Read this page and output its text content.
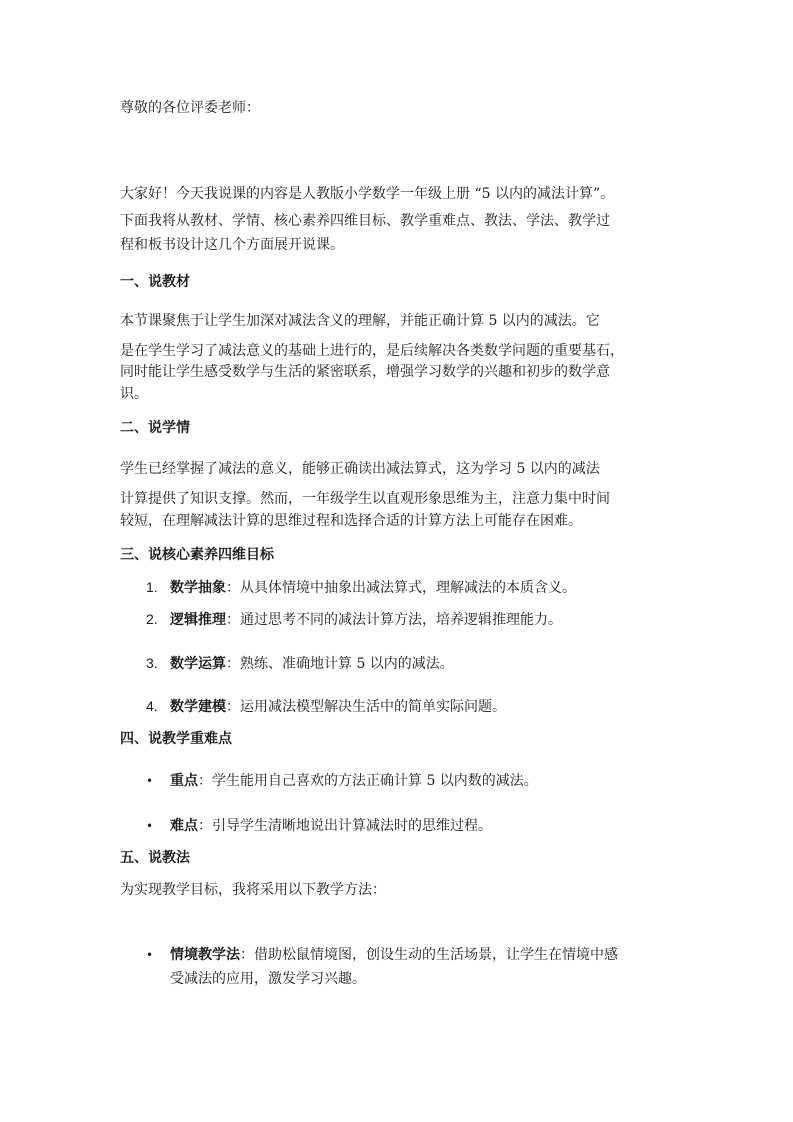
尊敬的各位评委老师：
大家好！今天我说课的内容是人教版小学数学一年级上册 “5 以内的减法计算”。
下面我将从教材、学情、核心素养四维目标、教学重难点、教法、学法、教学过
程和板书设计这几个方面展开说课。
一、说教材
本节课聚焦于让学生加深对减法含义的理解，并能正确计算 5 以内的减法。它
是在学生学习了减法意义的基础上进行的，是后续解决各类数学问题的重要基石，
同时能让学生感受数学与生活的紧密联系，增强学习数学的兴趣和初步的数学意
识。
二、说学情
学生已经掌握了减法的意义，能够正确读出减法算式，这为学习 5 以内的减法
计算提供了知识支撑。然而，一年级学生以直观形象思维为主，注意力集中时间
较短，在理解减法计算的思维过程和选择合适的计算方法上可能存在困难。
三、说核心素养四维目标
1. 数学抽象：从具体情境中抽象出减法算式，理解减法的本质含义。
2. 逻辑推理：通过思考不同的减法计算方法，培养逻辑推理能力。
3. 数学运算：熟练、准确地计算 5 以内的减法。
4. 数学建模：运用减法模型解决生活中的简单实际问题。
四、说教学重难点
• 重点：学生能用自己喜欢的方法正确计算 5 以内数的减法。
• 难点：引导学生清晰地说出计算减法时的思维过程。
五、说教法
为实现教学目标，我将采用以下教学方法：
• 情境教学法：借助松鼠情境图，创设生动的生活场景，让学生在情境中感
受减法的应用，激发学习兴趣。
